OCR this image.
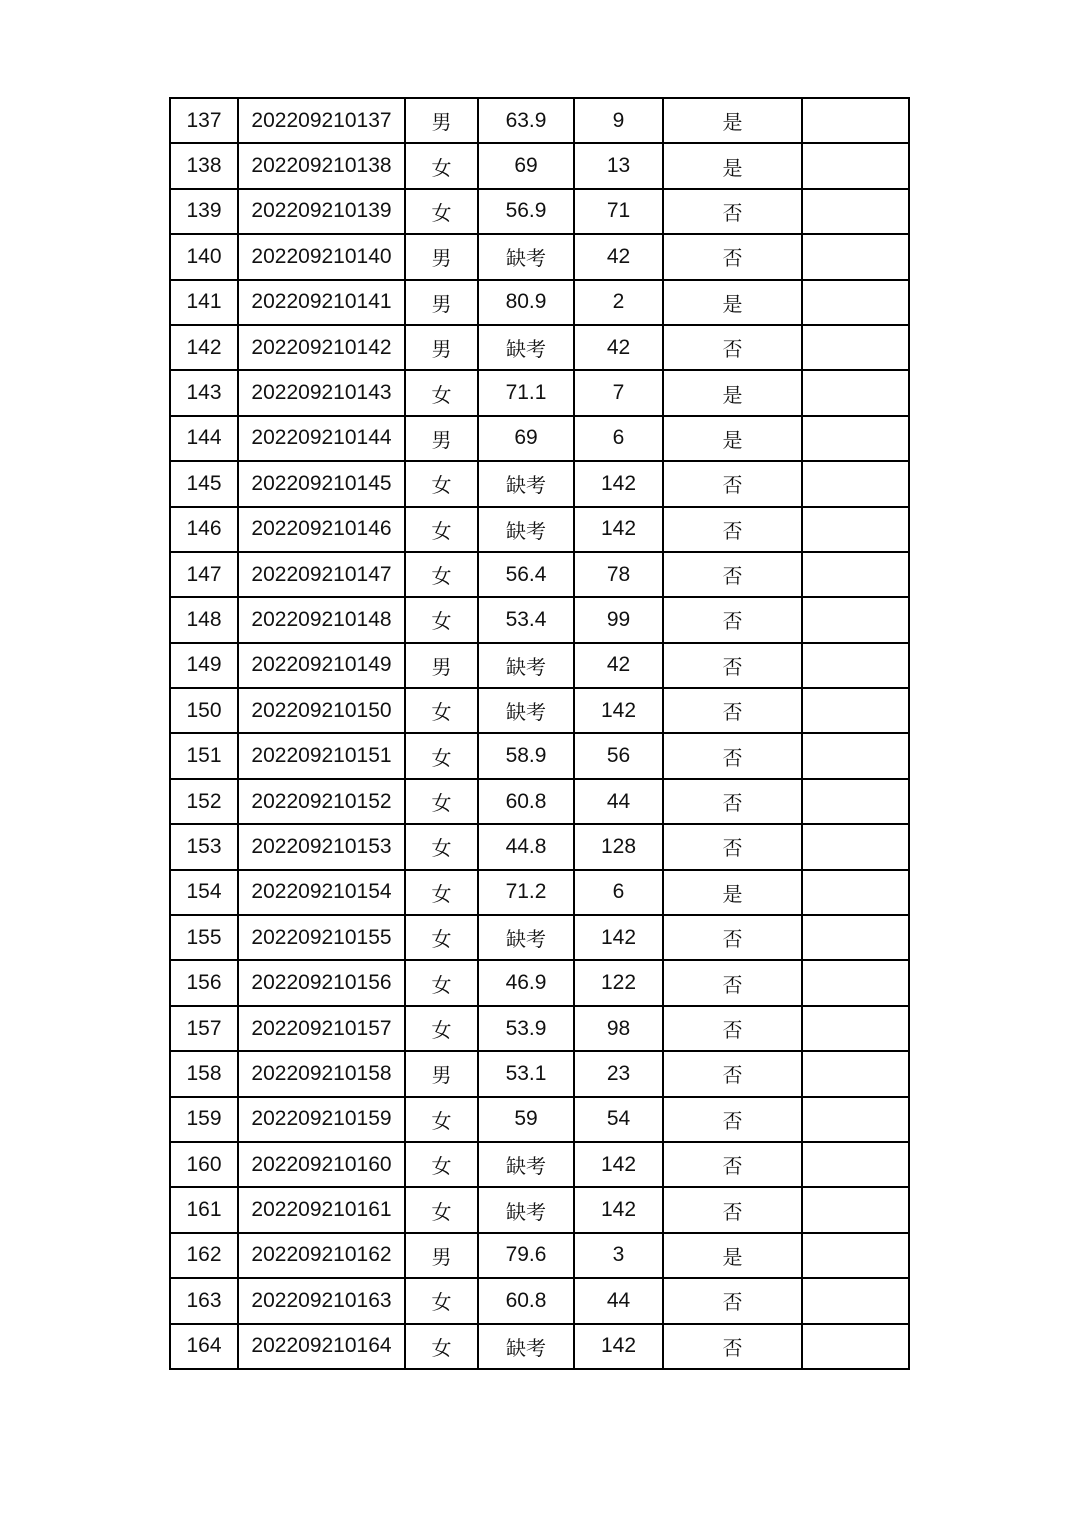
137	202209210137	男	63.9	9	是	
138	202209210138	女	69	13	是	
139	202209210139	女	56.9	71	否	
140	202209210140	男	缺考	42	否	
141	202209210141	男	80.9	2	是	
142	202209210142	男	缺考	42	否	
143	202209210143	女	71.1	7	是	
144	202209210144	男	69	6	是	
145	202209210145	女	缺考	142	否	
146	202209210146	女	缺考	142	否	
147	202209210147	女	56.4	78	否	
148	202209210148	女	53.4	99	否	
149	202209210149	男	缺考	42	否	
150	202209210150	女	缺考	142	否	
151	202209210151	女	58.9	56	否	
152	202209210152	女	60.8	44	否	
153	202209210153	女	44.8	128	否	
154	202209210154	女	71.2	6	是	
155	202209210155	女	缺考	142	否	
156	202209210156	女	46.9	122	否	
157	202209210157	女	53.9	98	否	
158	202209210158	男	53.1	23	否	
159	202209210159	女	59	54	否	
160	202209210160	女	缺考	142	否	
161	202209210161	女	缺考	142	否	
162	202209210162	男	79.6	3	是	
163	202209210163	女	60.8	44	否	
164	202209210164	女	缺考	142	否	
